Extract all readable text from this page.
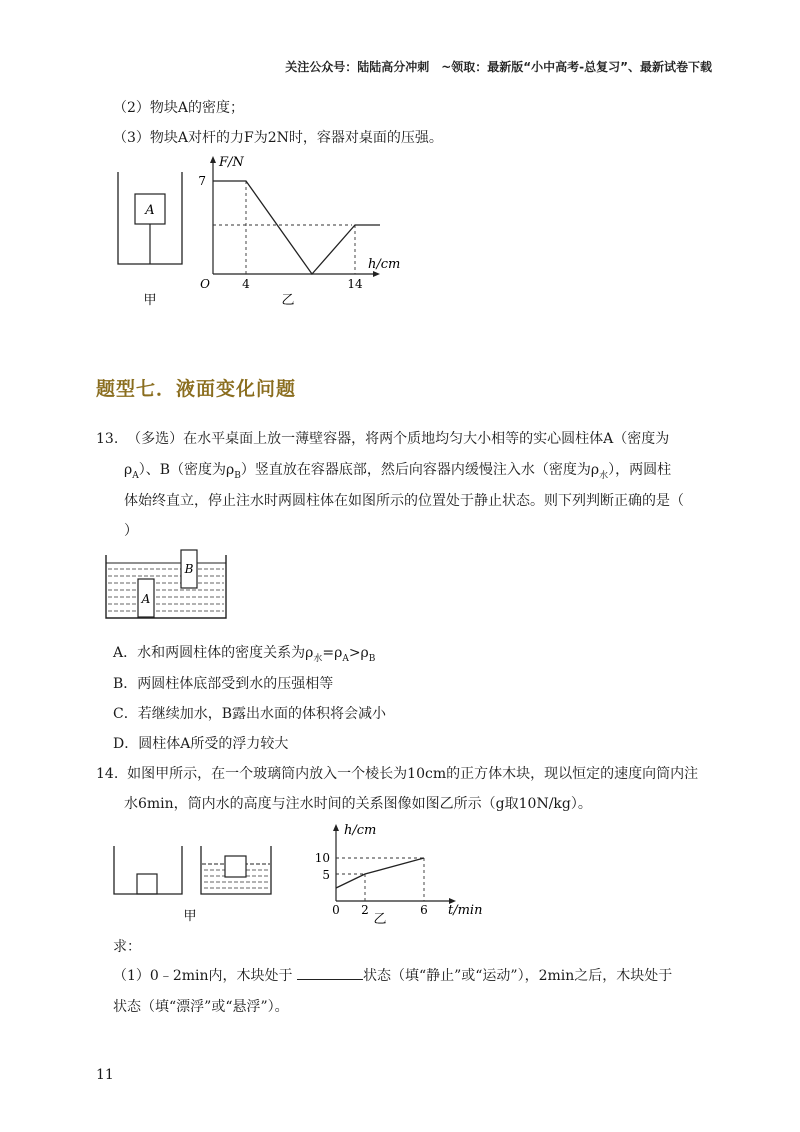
关注公众号：陆陆高分冲刺　~领取：最新版“小中高考-总复习”、最新试卷下载
（2）物块A的密度；
（3）物块A对杆的力F为2N时，容器对桌面的压强。
A
甲
F/N
h/cm
O
7
4	14
乙
题型七．液面变化问题
13. （多选）在水平桌面上放一薄壁容器，将两个质地均匀大小相等的实心圆柱体A（密度为
$\rho_A$）、B（密度为$\rho_B$）竖直放在容器底部，然后向容器内缓慢注入水（密度为$\rho_水$），两圆柱
体始终直立，停止注水时两圆柱体在如图所示的位置处于静止状态。则下列判断正确的是（
）
A
B
A．水和两圆柱体的密度关系为$\rho_水=\rho_A>\rho_B$
B．两圆柱体底部受到水的压强相等
C．若继续加水，B露出水面的体积将会减小
D．圆柱体A所受的浮力较大
14. 如图甲所示，在一个玻璃筒内放入一个棱长为10cm的正方体木块，现以恒定的速度向筒内注
水6min，筒内水的高度与注水时间的关系图像如图乙所示（g取10N/kg）。
甲
h/cm
t/min
0
10
5
2	6
乙
求：
（1）0﹣2min内，木块处于	状态（填“静止”或“运动”），2min之后，木块处于
状态（填“漂浮”或“悬浮”）。
11
